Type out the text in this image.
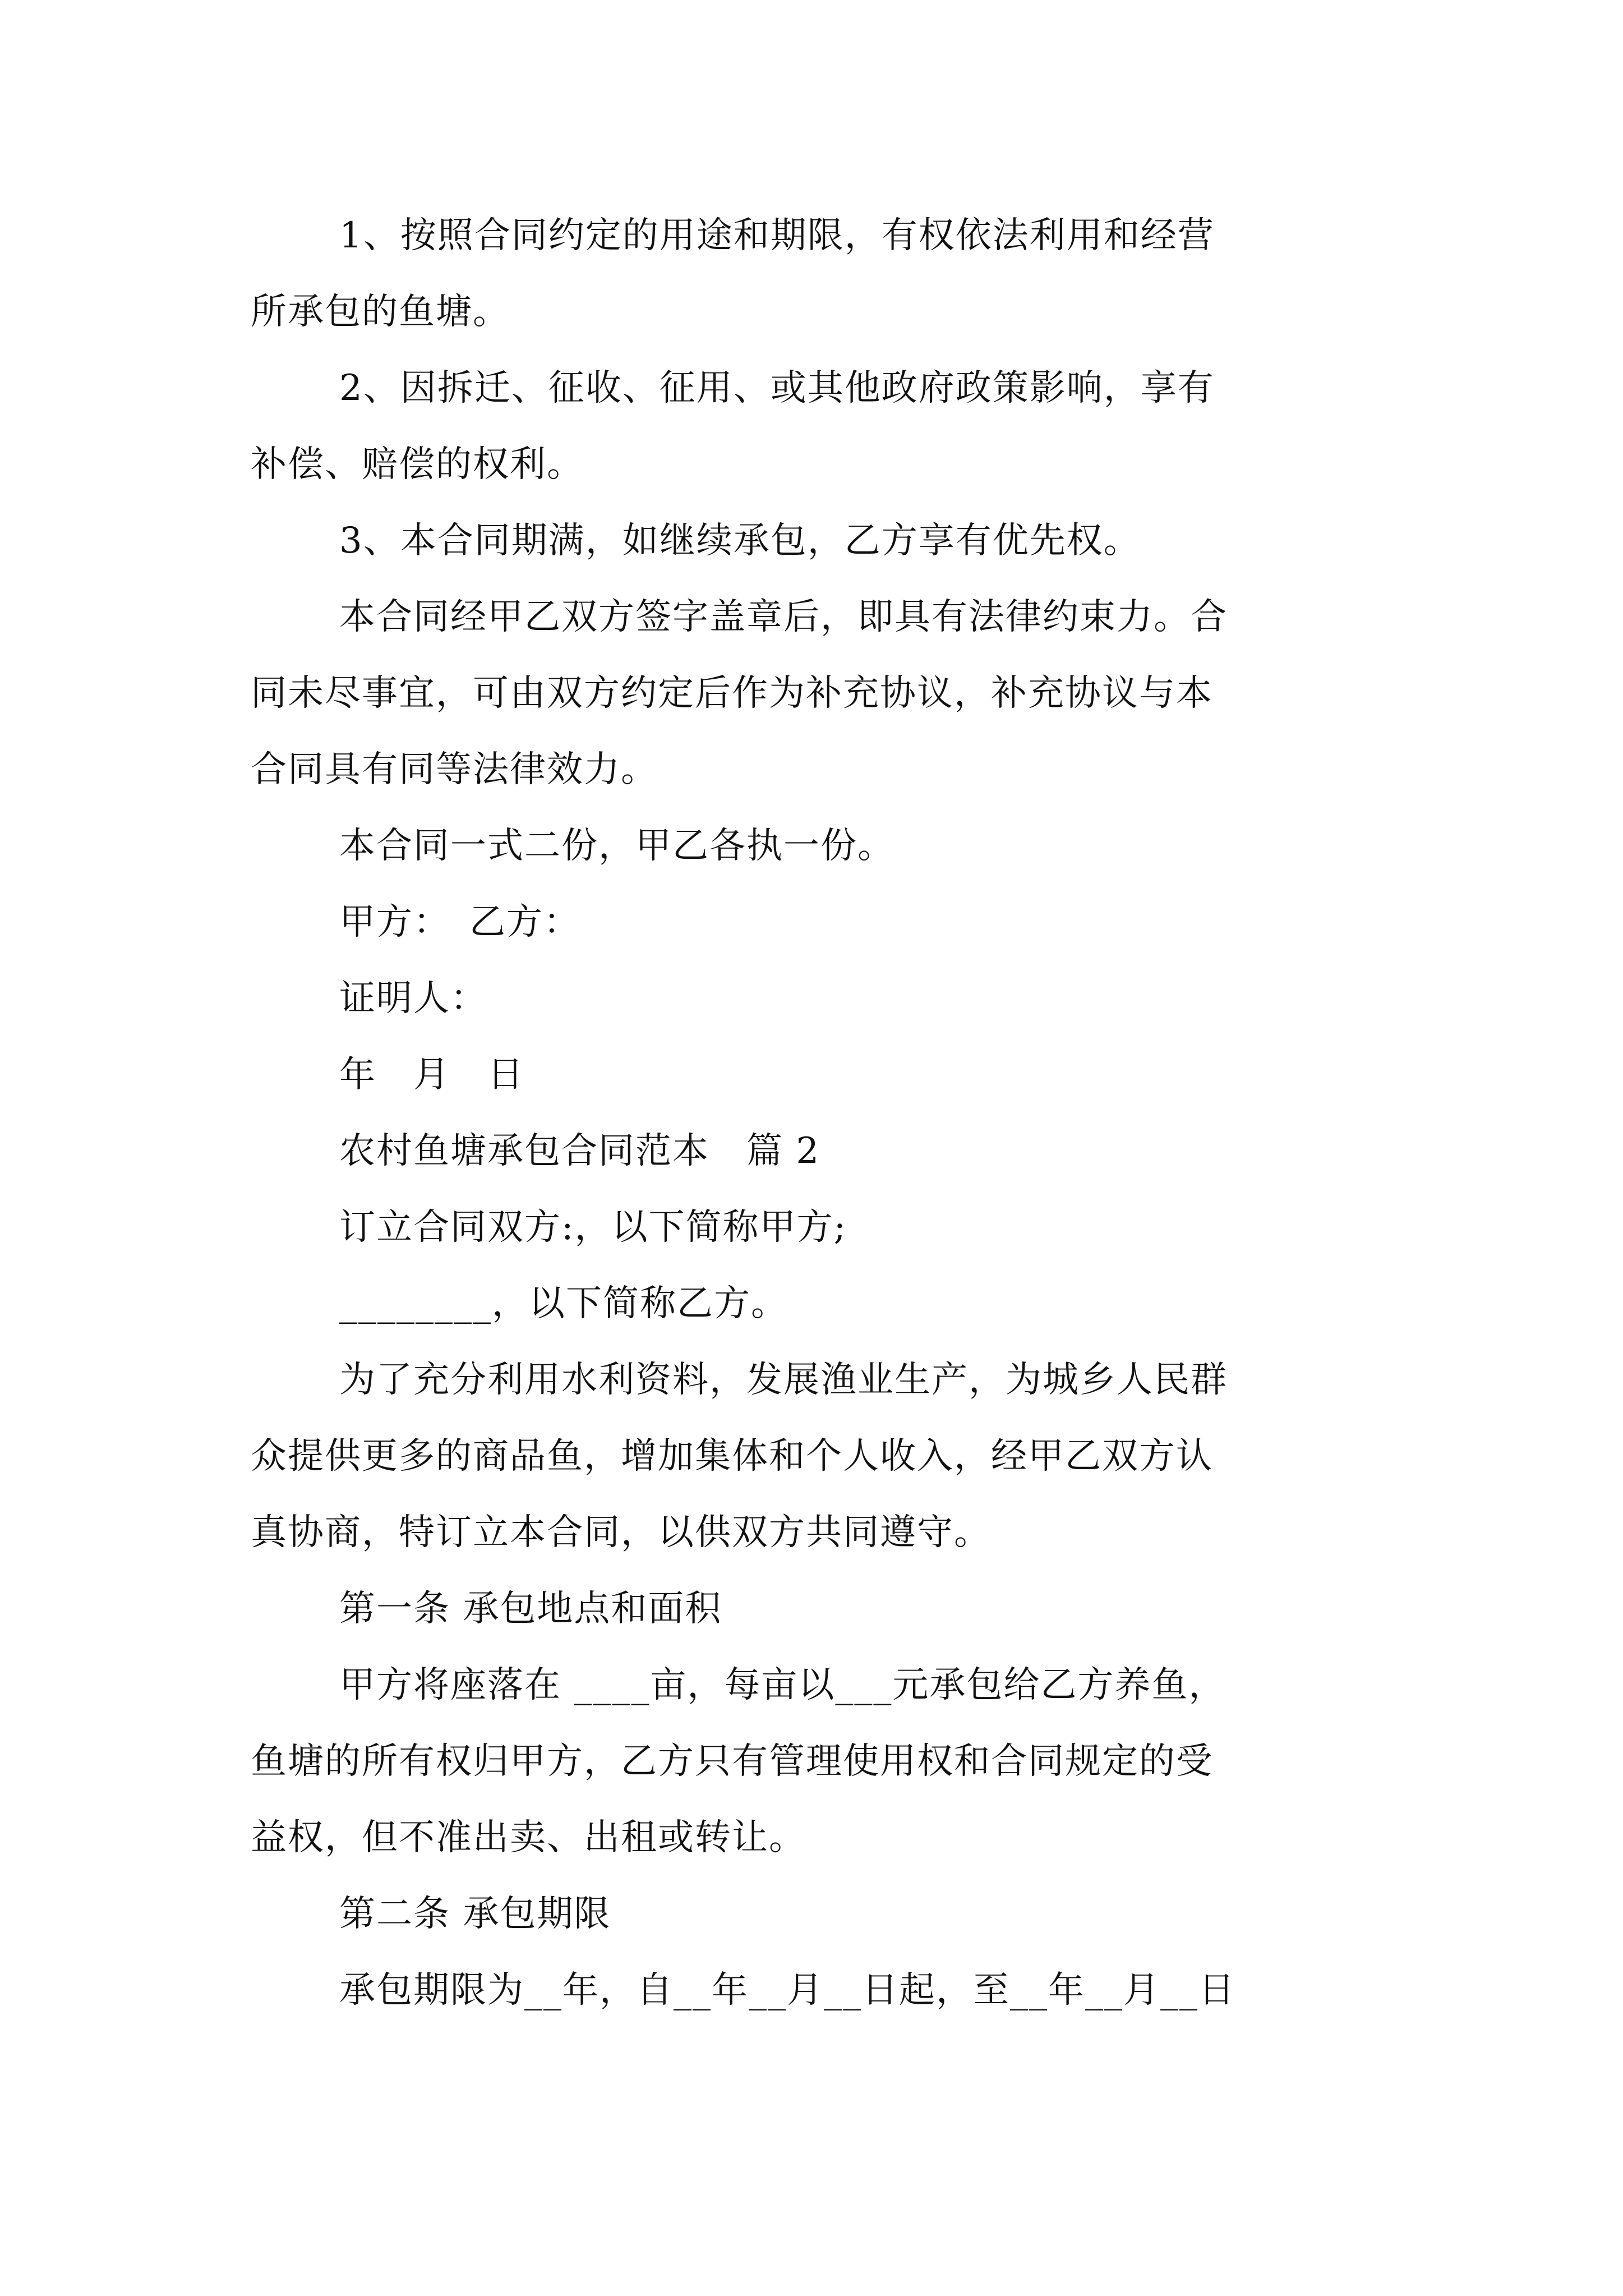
1、按照合同约定的用途和期限，有权依法利用和经营
所承包的鱼塘。
2、因拆迁、征收、征用、或其他政府政策影响，享有
补偿、赔偿的权利。
3、本合同期满，如继续承包，乙方享有优先权。
本合同经甲乙双方签字盖章后，即具有法律约束力。合
同未尽事宜，可由双方约定后作为补充协议，补充协议与本
合同具有同等法律效力。
本合同一式二份，甲乙各执一份。
甲方：　乙方：
证明人：
年　月　日
农村鱼塘承包合同范本　篇 2
订立合同双方:，以下简称甲方;
________，以下简称乙方。
为了充分利用水利资料，发展渔业生产，为城乡人民群
众提供更多的商品鱼，增加集体和个人收入，经甲乙双方认
真协商，特订立本合同，以供双方共同遵守。
第一条 承包地点和面积
甲方将座落在 ____亩，每亩以___元承包给乙方养鱼，
鱼塘的所有权归甲方，乙方只有管理使用权和合同规定的受
益权，但不准出卖、出租或转让。
第二条 承包期限
承包期限为__年，自__年__月__日起，至__年__月__日
